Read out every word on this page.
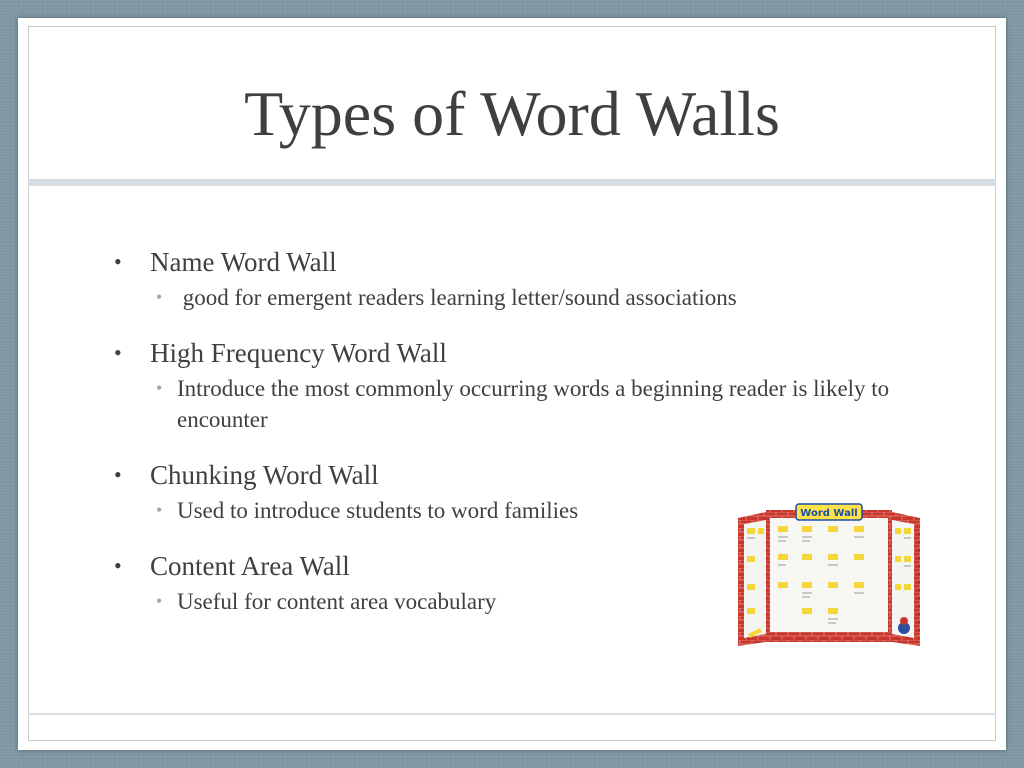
Types of Word Walls
• Name Word Wall
• good for emergent readers learning letter/sound associations
• High Frequency Word Wall
• Introduce the most commonly occurring words a beginning reader is likely to encounter
• Chunking Word Wall
• Used to introduce students to word families
• Content Area Wall
• Useful for content area vocabulary
Word Wall
